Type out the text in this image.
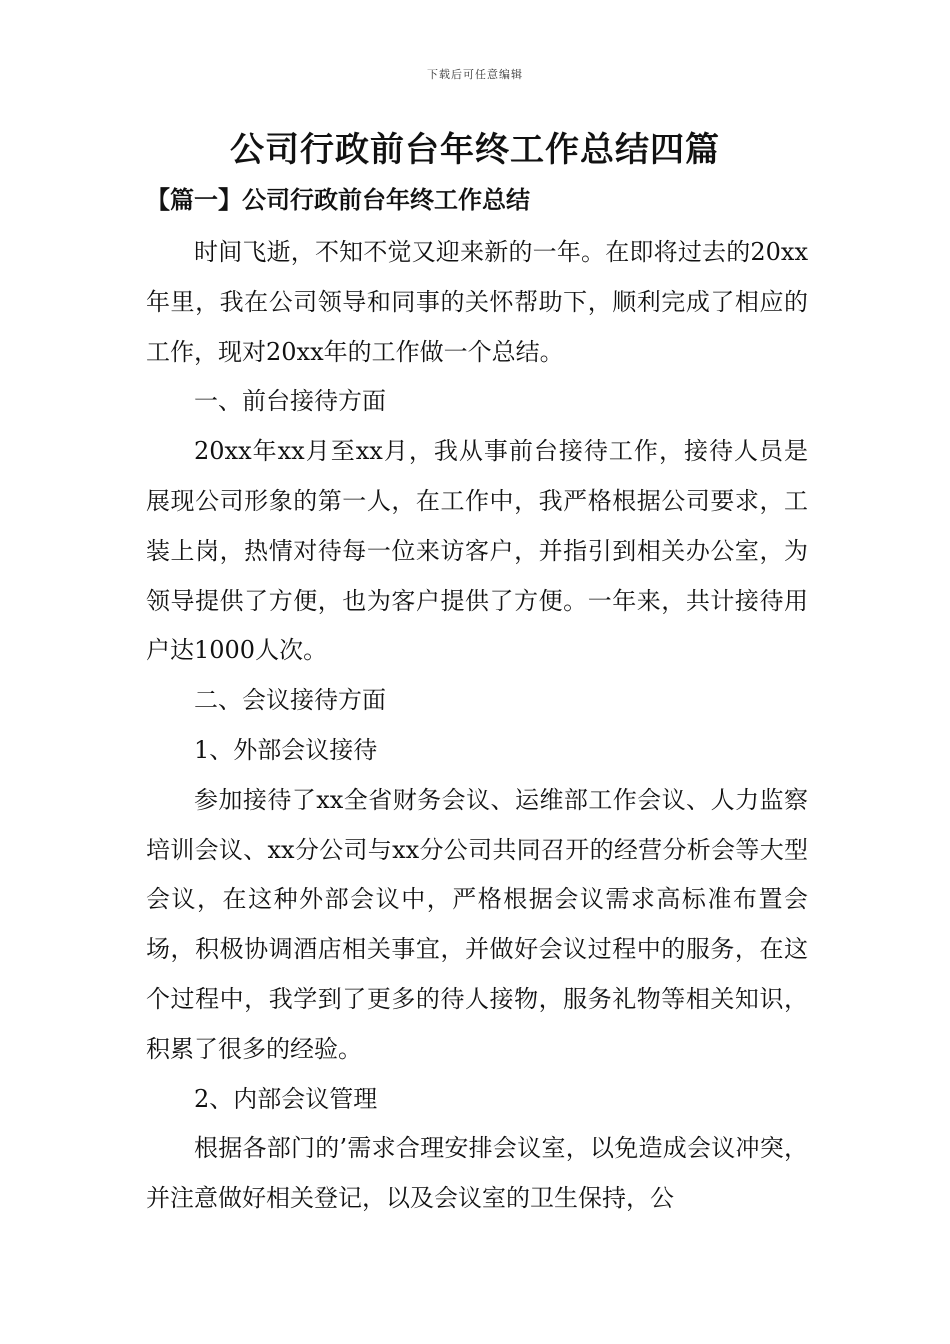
下载后可任意编辑
公司行政前台年终工作总结四篇
【篇一】公司行政前台年终工作总结

时间飞逝，不知不觉又迎来新的一年。在即将过去的20xx年里，我在公司领导和同事的关怀帮助下，顺利完成了相应的工作，现对20xx年的工作做一个总结。

一、前台接待方面

20xx年xx月至xx月，我从事前台接待工作，接待人员是展现公司形象的第一人，在工作中，我严格根据公司要求，工装上岗，热情对待每一位来访客户，并指引到相关办公室，为领导提供了方便，也为客户提供了方便。一年来，共计接待用户达1000人次。

二、会议接待方面

1、外部会议接待

参加接待了xx全省财务会议、运维部工作会议、人力监察培训会议、xx分公司与xx分公司共同召开的经营分析会等大型会议，在这种外部会议中，严格根据会议需求高标准布置会场，积极协调酒店相关事宜，并做好会议过程中的服务，在这个过程中，我学到了更多的待人接物，服务礼物等相关知识，积累了很多的经验。

2、内部会议管理

根据各部门的’需求合理安排会议室，以免造成会议冲突，并注意做好相关登记，以及会议室的卫生保持，公
